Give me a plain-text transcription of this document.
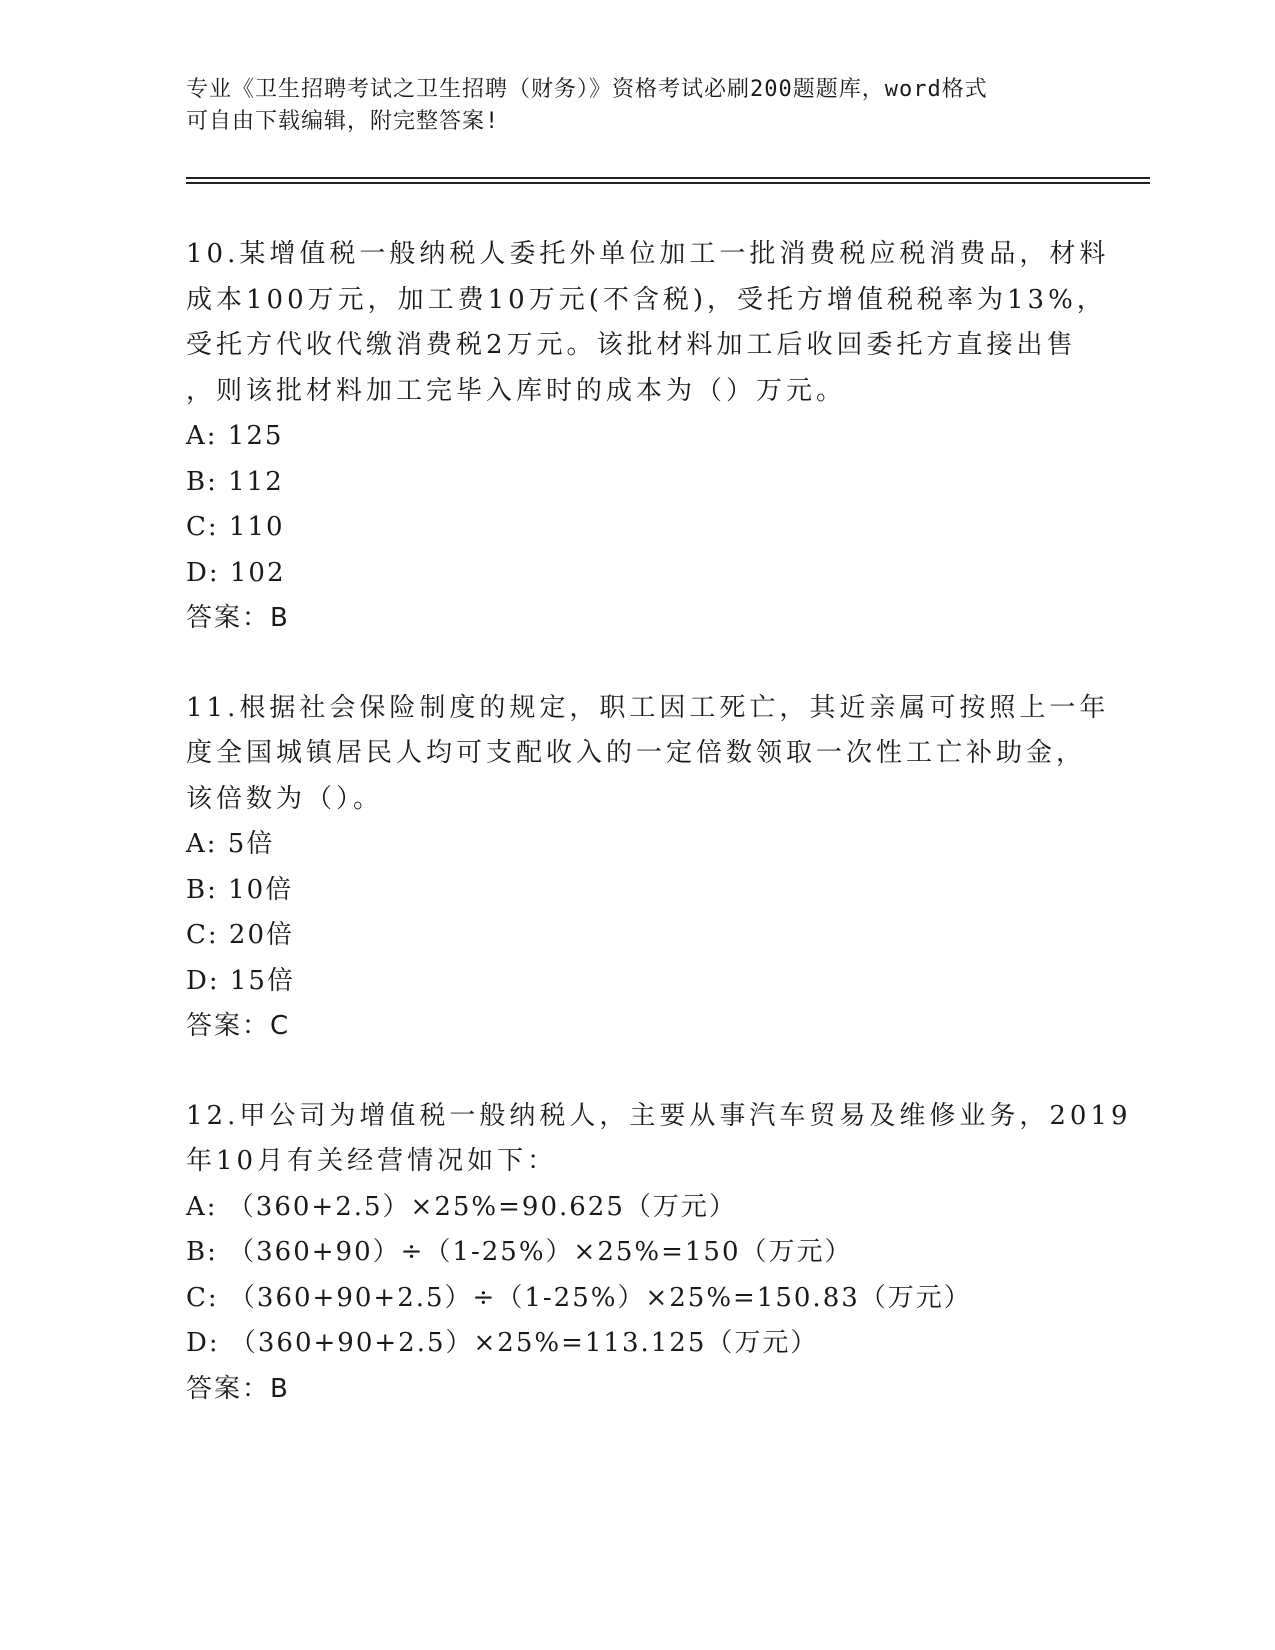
专业《卫生招聘考试之卫生招聘（财务）》资格考试必刷200题题库，word格式
可自由下载编辑，附完整答案!
10.某增值税一般纳税人委托外单位加工一批消费税应税消费品，材料
成本100万元，加工费10万元(不含税)，受托方增值税税率为13%，
受托方代收代缴消费税2万元。该批材料加工后收回委托方直接出售
，则该批材料加工完毕入库时的成本为（）万元。
A: 125
B: 112
C: 110
D: 102
答案：B
11.根据社会保险制度的规定，职工因工死亡，其近亲属可按照上一年
度全国城镇居民人均可支配收入的一定倍数领取一次性工亡补助金，
该倍数为（）。
A: 5倍
B: 10倍
C: 20倍
D: 15倍
答案：C
12.甲公司为增值税一般纳税人，主要从事汽车贸易及维修业务，2019
年10月有关经营情况如下：
A: （360+2.5）×25%=90.625（万元）
B: （360+90）÷（1-25%）×25%=150（万元）
C: （360+90+2.5）÷（1-25%）×25%=150.83（万元）
D: （360+90+2.5）×25%=113.125（万元）
答案：B
